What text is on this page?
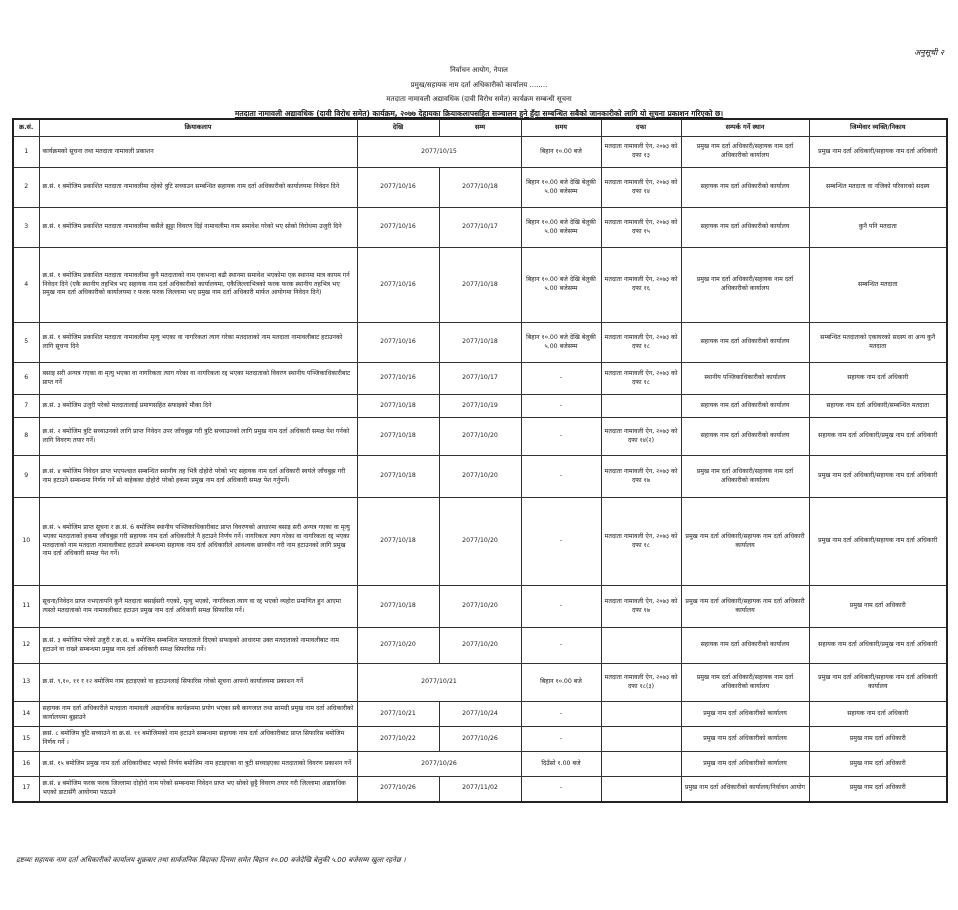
अनुसूची २
निर्वाचन आयोग, नेपाल
प्रमुख/सहायक नाम दर्ता अधिकारीको कार्यालय ........
मतदाता नामावली अद्यावधिक (दावी विरोध समेत) कार्यक्रम सम्बन्धी सूचना
मतदाता नामावली अद्यावधिक (दावी विरोध समेत) कार्यक्रम, २०७७ देहायका क्रियाकलापसहित सञ्चालन हुने हुँदा सम्बन्धित सबैको जानकारीको लागि यो सूचना प्रकाशन गरिएको छ।
क्र.सं.	क्रियाकलाप	देखि	सम्म	समय	दफा	सम्पर्क गर्ने स्थान	जिम्मेवार व्यक्ति/निकाय
1	कार्यक्रमको सूचना तथा मतदाता नामावली प्रकाशन	2077/10/15		बिहान १०.00 बजे	मतदाता नामावली ऐन, २०७३ को दफा १३	प्रमुख नाम दर्ता अधिकारी/सहायक नाम दर्ता अधिकारीको कार्यालय	प्रमुख नाम दर्ता अधिकारी/सहायक नाम दर्ता अधिकारी
2	क्र.सं. १ बमोजिम प्रकाशित मतदाता नामावलीमा रहेको त्रुटि सच्याउन सम्बन्धित सहायक नाम दर्ता अधिकारीको कार्यालयमा निवेदन दिने	2077/10/16	2077/10/18	बिहान १०.00 बजे देखि बेलुकी ५.00 बजेसम्म	मतदाता नामावली ऐन, २०७३ को दफा १४	सहायक नाम दर्ता अधिकारीको कार्यालय	सम्बन्धित मतदाता वा नजिको परिवारको सदस्य
3	क्र.सं. १ बमोजिम प्रकाशित मतदाता नामावलीमा कसैले झुट्टा विवरण दिई नामावलीमा नाम समावेश गरेको भए सोको विरोधमा उजुरी दिने	2077/10/16	2077/10/17	बिहान १०.00 बजे देखि बेलुकी ५.00 बजेसम्म	मतदाता नामावली ऐन, २०७३ को दफा १५	सहायक नाम दर्ता अधिकारीको कार्यालय	कुनै पनि मतदाता
4	क्र.सं. १ बमोजिम प्रकाशित मतदाता नामावलीमा कुनै मतदाताको नाम एकभन्दा बढी स्थानमा समावेश भएकोमा एक स्थानमा मात्र कायम गर्न निवेदन दिने (एकै स्थानीय तहभित्र भए सहायक नाम दर्ता अधिकारीको कार्यालयमा, एकैजिल्लाभित्रको फरक फरक स्थानीय तहभित्र भए प्रमुख नाम दर्ता अधिकारीको कार्यालयमा र फरक फरक जिल्लामा भए प्रमुख नाम दर्ता अधिकारी मार्फत आयोगमा निवेदन दिने)	2077/10/16	2077/10/18	बिहान १०.00 बजे देखि बेलुकी ५.00 बजेसम्म	मतदाता नामावली ऐन, २०७३ को दफा १६	प्रमुख नाम दर्ता अधिकारी/सहायक नाम दर्ता अधिकारीको कार्यालय	सम्बन्धित मतदाता
5	क्र.सं. १ बमोजिम प्रकाशित मतदाता नामावलीमा मृत्यु भएका वा नागरिकता त्याग गरेका मतदाताको नाम मतदाता नामावलीबाट हटाउनको लागि सूचना दिने	2077/10/16	2077/10/18	बिहान १०.00 बजे देखि बेलुकी ५.00 बजेसम्म	मतदाता नामावली ऐन, २०७३ को दफा १८	सहायक नाम दर्ता अधिकारीको कार्यालय	सम्बन्धित मतदाताको एकाघरको सदस्य वा अन्य कुनै मतदाता
6	बसाइ सरी अन्यत्र गएका वा मृत्यु भएका वा नागरिकता त्याग गरेका वा नागरिकता रद्द भएका मतदाताको विवरण स्थानीय पञ्जिकाधिकारीबाट प्राप्त गर्ने	2077/10/16	2077/10/17	-	मतदाता नामावली ऐन, २०७३ को दफा १८	स्थानीय पञ्जिकाधिकारीको कार्यालय	सहायक नाम दर्ता अधिकारी
7	क्र.सं. ३ बमोजिम उजुरी परेको मतदातालाई प्रमाणसहित सफाइको मौका दिने	2077/10/18	2077/10/19	-		सहायक नाम दर्ता अधिकारीको कार्यालय	सहायक नाम दर्ता अधिकारी/सम्बन्धित मतदाता
8	क्र.सं. २ बमोजिम त्रुटि सच्याउनको लागि प्राप्त निवेदन उपर जाँचबुझ गरी त्रुटि सच्याउनको लागि प्रमुख नाम दर्ता अधिकारी समक्ष पेश गर्नको लागि विवरण तयार गर्ने।	2077/10/18	2077/10/20	-	मतदाता नामावली ऐन, २०७३ को दफा १४(२)	सहायक नाम दर्ता अधिकारीको कार्यालय	सहायक नाम दर्ता अधिकारी/प्रमुख नाम दर्ता अधिकारी
9	क्र.सं. ४ बमोजिम निवेदन प्राप्त भएपश्चात सम्बन्धित स्थानीय तह भित्रै दोहोरो परेको भए सहायक नाम दर्ता अधिकारी स्वयंले जाँचबुझ गरी नाम हटाउने सम्बन्धमा निर्णय गर्ने सो बाहेकका दोहोरो परेको हकमा प्रमुख नाम दर्ता अधिकारी समक्ष पेश गर्नुपर्ने।	2077/10/18	2077/10/20	-	मतदाता नामावली ऐन, २०७३ को दफा १७	प्रमुख नाम दर्ता अधिकारी/सहायक नाम दर्ता अधिकारीको कार्यालय	प्रमुख नाम दर्ता अधिकारी/सहायक नाम दर्ता अधिकारी
10	क्र.सं. ५ बमोजिम प्राप्त सूचना र क्र.सं. 6 बमोजिम स्थानीय पञ्जिकाधिकारीबाट प्राप्त विवरणको आधारमा बसाइ सरी अन्यत्र गएका वा मृत्यु भएका मतदाताको हकमा जाँचबुझ गरी सहायक नाम दर्ता अधिकारीले नै हटाउने निर्णय गर्ने। नागरिकता त्याग गरेका वा नागरिकता रद्द भएका मतदाताको नाम मतदाता नामावलीबाट हटाउने सम्बन्धमा सहायक नाम दर्ता अधिकारीले आवश्यक छानबीन गरी नाम हटाउनको लागि प्रमुख नाम दर्ता अधिकारी समक्ष पेश गर्ने।	2077/10/18	2077/10/20	-	मतदाता नामावली ऐन, २०७३ को दफा १८	प्रमुख नाम दर्ता अधिकारी/सहायक नाम दर्ता अधिकारी कार्यालय	प्रमुख नाम दर्ता अधिकारी/सहायक नाम दर्ता अधिकारी
11	सूचना/निवेदन प्राप्त नभएतापनि कुनै मतदाता बसाईसरी गएको, मृत्यु भएको, नागरिकता त्याग वा रद्द भएको व्यहोरा प्रमाणित हुन आएमा त्यस्तो मतदाताको नाम नामावलीबाट हटाउन प्रमुख नाम दर्ता अधिकारी समक्ष सिफारिस गर्ने।	2077/10/18	2077/10/20	-	मतदाता नामावली ऐन, २०७३ को दफा १७	प्रमुख नाम दर्ता अधिकारी/सहायक नाम दर्ता अधिकारी कार्यालय	प्रमुख नाम दर्ता अधिकारी
12	क्र.सं. ३ बमोजिम परेको उजुरी र क्र.सं. ७ बमोजिम सम्बन्धित मतदाताले दिएको सफाइको आधारमा उक्त मतदाताको नामावलीबाट नाम हटाउने वा राख्ने सम्बन्धमा प्रमुख नाम दर्ता अधिकारी समक्ष सिफारिस गर्ने।	2077/10/20	2077/10/20	-		सहायक नाम दर्ता अधिकारीको कार्यालय	सहायक नाम दर्ता अधिकारी/प्रमुख नाम दर्ता अधिकारी
13	क्र.सं. ९,१०, ११ र १२ बमोजिम नाम हटाइएको वा हटाउनलाई सिफारिस गरेको सूचना आफ्नो कार्यालयमा प्रकाशन गर्ने	2077/10/21		बिहान १०.00 बजे	मतदाता नामावली ऐन, २०७३ को दफा १८(३)	प्रमुख नाम दर्ता अधिकारी/सहायक नाम दर्ता अधिकारीको कार्यालय	प्रमुख नाम दर्ता अधिकारी/सहायक नाम दर्ता अधिकारी कार्यालय
14	सहायक नाम दर्ता अधिकारीले मतदाता नामावली अद्यावधिक कार्यक्रममा प्रयोग भएका सबै कागजात तथा सामग्री प्रमुख नाम दर्ता अधिकारीको कार्यालयमा बुझाउने	2077/10/21	2077/10/24	-		प्रमुख नाम दर्ता अधिकारीको कार्यालय	सहायक नाम दर्ता अधिकारी
15	क्रसं. ८ बमोजिम त्रुटि सच्याउने वा क्र.सं. ११ बमोजिमको नाम हटाउने सम्बन्धमा सहायक नाम दर्ता अधिकारीबाट प्राप्त सिफारिस बमोजिम निर्णय गर्ने ।	2077/10/22	2077/10/26	-		प्रमुख नाम दर्ता अधिकारीको कार्यालय	प्रमुख नाम दर्ता अधिकारी
16	क्र.सं. १५ बमोजिम प्रमुख नाम दर्ता अधिकारीबाट भएको निर्णय बमोजिम नाम हटाइएका वा त्रुटी सच्याइएका मतदाताको विवरण प्रकाशन गर्ने	2077/10/26		दिउँसो १.00 बजे		प्रमुख नाम दर्ता अधिकारीको कार्यालय	प्रमुख नाम दर्ता अधिकारी
17	क्र.सं. ४ बमोजिम फरक फरक जिल्लामा दोहोरो नाम परेको सम्बन्धमा निवेदन प्राप्त भए सोको छुट्टै विवरण तयार गरी जिल्लामा अद्यावधिक भएको डाटासँगै आयोगमा पठाउने	2077/10/26	2077/11/02	-		प्रमुख नाम दर्ता अधिकारीको कार्यालय/निर्वाचन आयोग	प्रमुख नाम दर्ता अधिकारी
द्रष्टव्यः सहायक नाम दर्ता अधिकारीको कार्यालय शुक्रबार तथा सार्वजनिक बिदाका दिनमा समेत बिहान १०.00 बजेदेखि बेलुकी ५.00 बजेसम्म खुला रहनेछ ।
